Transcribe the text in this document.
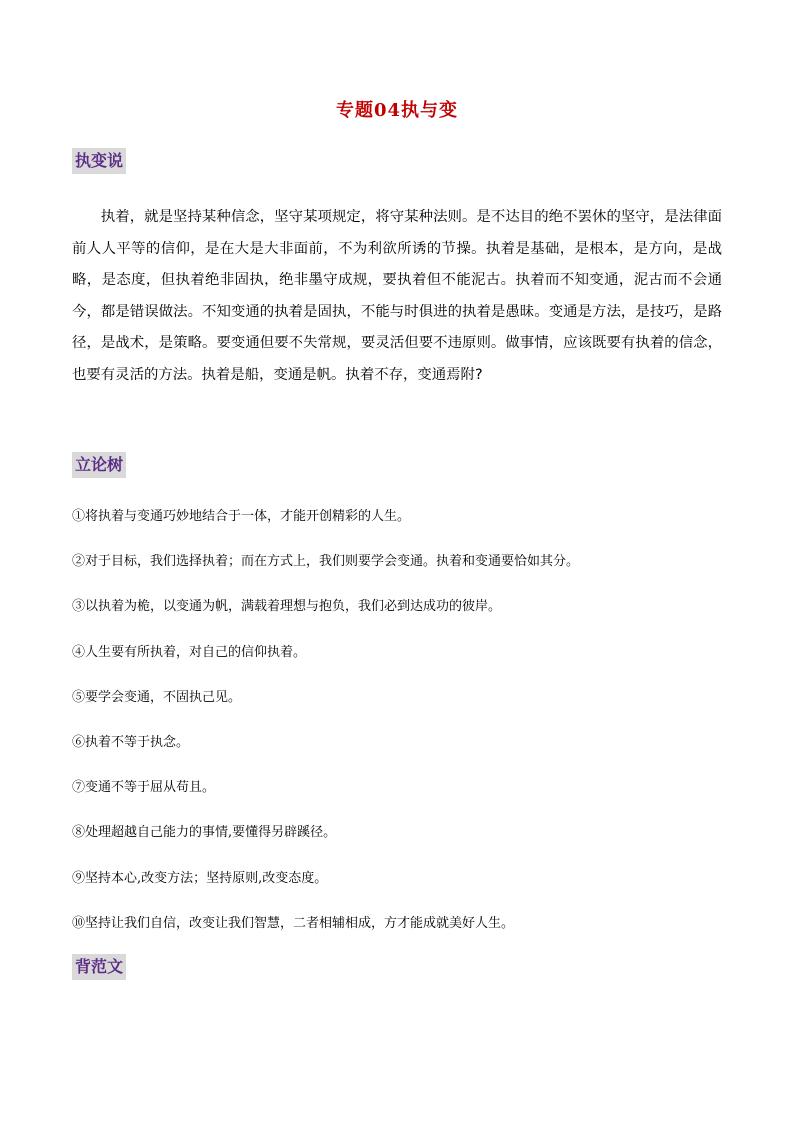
专题04执与变
执变说

执着，就是坚持某种信念，坚守某项规定，将守某种法则。是不达目的绝不罢休的坚守，是法律面前人人平等的信仰，是在大是大非面前，不为利欲所诱的节操。执着是基础，是根本，是方向，是战略，是态度，但执着绝非固执，绝非墨守成规，要执着但不能泥古。执着而不知变通，泥古而不会通今，都是错误做法。不知变通的执着是固执，不能与时俱进的执着是愚昧。变通是方法，是技巧，是路径，是战术，是策略。要变通但要不失常规，要灵活但要不违原则。做事情，应该既要有执着的信念，也要有灵活的方法。执着是船，变通是帆。执着不存，变通焉附?

立论树
①将执着与变通巧妙地结合于一体，才能开创精彩的人生。
②对于目标，我们选择执着；而在方式上，我们则要学会变通。执着和变通要恰如其分。
③以执着为桅，以变通为帆，满载着理想与抱负，我们必到达成功的彼岸。
④人生要有所执着，对自己的信仰执着。
⑤要学会变通，不固执己见。
⑥执着不等于执念。
⑦变通不等于屈从苟且。
⑧处理超越自己能力的事情,要懂得另辟蹊径。
⑨坚持本心,改变方法；坚持原则,改变态度。
⑩坚持让我们自信，改变让我们智慧，二者相辅相成，方才能成就美好人生。
背范文
